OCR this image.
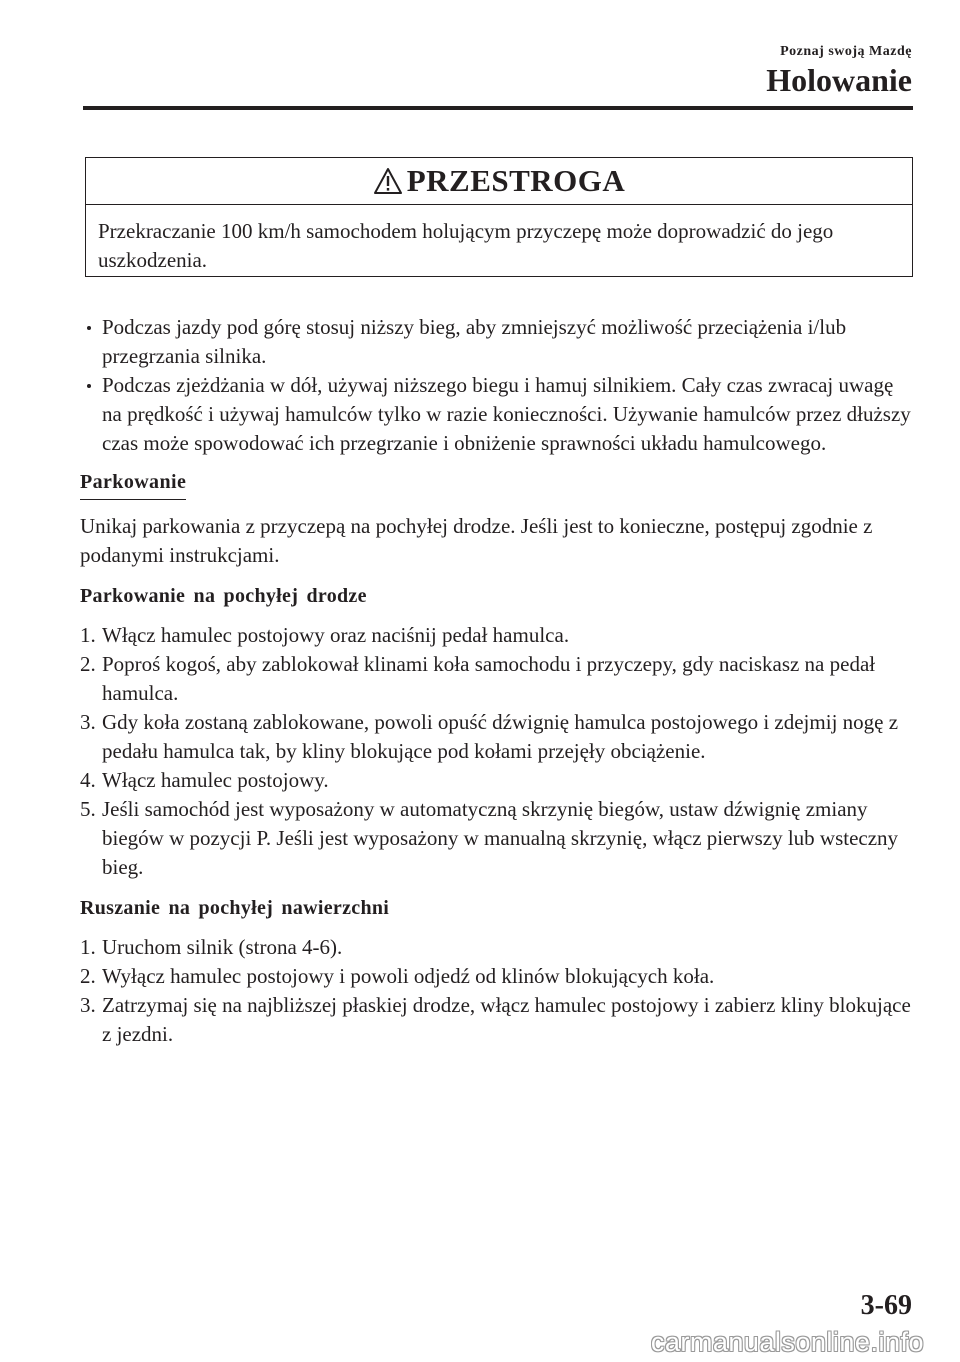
Poznaj swoją Mazdę
Holowanie
PRZESTROGA
Przekraczanie 100 km/h samochodem holującym przyczepę może doprowadzić do jego uszkodzenia.
Podczas jazdy pod górę stosuj niższy bieg, aby zmniejszyć możliwość przeciążenia i/lub przegrzania silnika.
Podczas zjeżdżania w dół, używaj niższego biegu i hamuj silnikiem. Cały czas zwracaj uwagę na prędkość i używaj hamulców tylko w razie konieczności. Używanie hamulców przez dłuższy czas może spowodować ich przegrzanie i obniżenie sprawności układu hamulcowego.
Parkowanie

Unikaj parkowania z przyczepą na pochyłej drodze. Jeśli jest to konieczne, postępuj zgodnie z podanymi instrukcjami.

Parkowanie na pochyłej drodze

1. Włącz hamulec postojowy oraz naciśnij pedał hamulca.
2. Poproś kogoś, aby zablokował klinami koła samochodu i przyczepy, gdy naciskasz na pedał hamulca.
3. Gdy koła zostaną zablokowane, powoli opuść dźwignię hamulca postojowego i zdejmij nogę z pedału hamulca tak, by kliny blokujące pod kołami przejęły obciążenie.
4. Włącz hamulec postojowy.
5. Jeśli samochód jest wyposażony w automatyczną skrzynię biegów, ustaw dźwignię zmiany biegów w pozycji P. Jeśli jest wyposażony w manualną skrzynię, włącz pierwszy lub wsteczny bieg.

Ruszanie na pochyłej nawierzchni

1. Uruchom silnik (strona 4-6).
2. Wyłącz hamulec postojowy i powoli odjedź od klinów blokujących koła.
3. Zatrzymaj się na najbliższej płaskiej drodze, włącz hamulec postojowy i zabierz kliny blokujące z jezdni.
3-69
carmanualsonline.info
